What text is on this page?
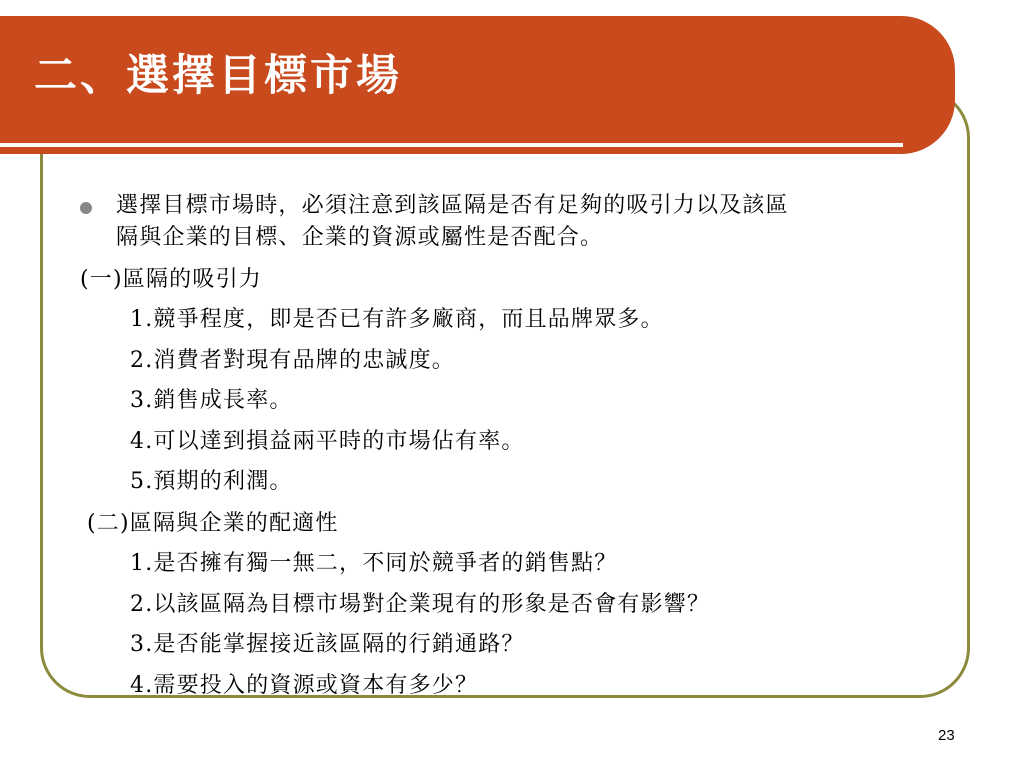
二、選擇目標市場
選擇目標市場時，必須注意到該區隔是否有足夠的吸引力以及該區
隔與企業的目標、企業的資源或屬性是否配合。
(一)區隔的吸引力
1.競爭程度，即是否已有許多廠商，而且品牌眾多。
2.消費者對現有品牌的忠誠度。
3.銷售成長率。
4.可以達到損益兩平時的市場佔有率。
5.預期的利潤。
(二)區隔與企業的配適性
1.是否擁有獨一無二，不同於競爭者的銷售點？
2.以該區隔為目標市場對企業現有的形象是否會有影響？
3.是否能掌握接近該區隔的行銷通路？
4.需要投入的資源或資本有多少？
23
